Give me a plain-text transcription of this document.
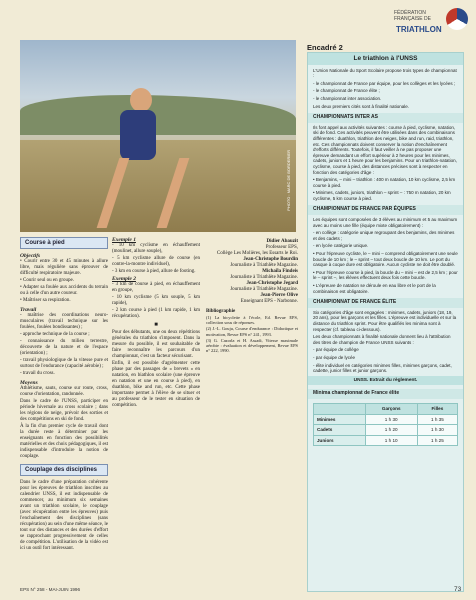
FÉDÉRATION FRANÇAISE DE
TRIATHLON
PHOTO : MARC DE BORDERIER
Course à pied
Objectifs

• Courir entre 30 et 45 minutes à allure libre, mais régulière sans éprouver de difficulté respiratoire majeure.

• Courir seul ou en groupe.

• Adapter sa foulée aux accidents du terrain ou à celle d'un autre coureur.

• Maîtriser sa respiration.

Travail

- maîtrise des coordinations neuro-musculaires (travail technique sur les foulées, foulées bondissantes) ;

- approche technique de la course ;

- connaissance du milieu terrestre, découverte de la nature et de l'espace (orientation) ;

- travail physiologique de la vitesse pure et surtout de l'endurance (capacité aérobie) ;

- travail du cross.

Moyens

Athlétisme, sauts, course sur route, cross, course d'orientation, randonnée.

Dans le cadre de l'UNSS, participer en période hivernale au cross scolaire ; dans les régions de neige, prévoir des sorties et des compétitions en ski de fond.

À la fin d'un premier cycle de travail dont la durée reste à déterminer par les enseignants en fonction des possibilités matérielles et des choix pédagogiques, il est indispensable d'introduire la notion de couplage.

Couplage des disciplines

Dans le cadre d'une préparation cohérente pour les épreuves de triathlon inscrites au calendrier UNSS, il est indispensable de commencer, au minimum six semaines avant un triathlon scolaire, le couplage (avec récupération entre les épreuves) puis l'enchaînement des disciplines (sans récupération) au sein d'une même séance, le tout sur des distances et des durées d'effort se rapprochant progressivement de celles de compétition. L'utilisation de la vidéo est ici un outil fort intéressant.

Exemple 1

- 10 km cyclisme en échauffement (moulinet, allure souple),

- 5 km cyclisme allure de course (en contre-la-montre individuel),

- 3 km en course à pied, allure de footing.

Exemple 2

- 3 km de course à pied, en échauffement en groupe,

- 10 km cyclisme (5 km souple, 5 km rapide),

- 2 km course à pied (1 km rapide, 1 km récupération).

■

Pour des débutants, une ou deux répétitions générales du triathlon s'imposent. Dans la mesure du possible, il est souhaitable de faire reconnaître les parcours d'un championnat, c'est un facteur sécurisant.

Enfin, il est possible d'agrémenter cette phase par des passages de « brevets » en natation, en biathlon scolaire (une épreuve en natation et une en course à pied), en duathlon, bike and run, etc. Cette phase importante permet à l'élève de se situer et au professeur de le tester en situation de compétition.

Didier Abauzit
Professeur EPS,
Collège Les Molières, les Essarts le Roi.
Jean-Christophe Bourdin
Journaliste à Triathlète Magazine.
Michaïla Findeis
Journaliste à Triathlète Magazine.
Jean-Christophe Jegard
Journaliste à Triathlète Magazine.
Jean-Pierre Olive
Enseignant EPS - Narbonne.
Bibliographie

(1) La bicyclette à l'école, Ed. Revue EPS, collection sous de réponses.

(2) J.-L. Gouju, Course d'endurance : Didactique et motivation, Revue EPS n° 241, 1993.

(3) G. Cazorla et H. Assadi, Vitesse maximale aérobie : évaluation et développement, Revue EPS n° 222, 1990.

Encadré 2
Le triathlon à l'UNSS

L'Union Nationale du Sport Scolaire propose trois types de championnat :

- le championnat de France par équipe, pour les collèges et les lycées ;

- le championnat de France élite ;

- le championnat inter association.

Les deux premiers cités sont à finalité nationale.

CHAMPIONNATS INTER AS

Ils font appel aux activités suivantes : course à pied, cyclisme, natation, ski de fond. Ces activités peuvent être utilisées dans des combinaisons différentes : duathlon, triathlon des neiges, bike and run, raid, triathlon, etc. Ces championnats doivent conserver la notion d'enchaînement d'efforts différents. Toutefois, il faut veiller à ne pas proposer une épreuve demandant un effort supérieur à 2 heures pour les minimes, cadets, juniors et 1 heure pour les benjamins. Pour un triathlon-natation, cyclisme, course à pied, des distances précises sont à respecter en fonction des catégories d'âge :

• Benjamins, – mini – triathlon : 400 m natation, 10 km cyclisme, 2,5 km course à pied.

• Minimes, cadets, juniors, triathlon – sprint – : 750 m natation, 20 km cyclisme, 5 km course à pied.

CHAMPIONNAT DE FRANCE PAR ÉQUIPES

Les équipes sont composées de 3 élèves au minimum et 5 au maximum avec au moins une fille (équipe mixte obligatoirement) :

- en collège : catégorie unique regroupant des benjamins, des minimes et des cadets ;

- en lycée catégorie unique.

• Pour l'épreuve cycliste, le – mini – comprend obligatoirement une seule boucle de 10 km ; le – sprint – tout deux boucle de 10 km. Le port du casque à coque dure est obligatoire. Aucun cycliste ne doit être doublé.

• Pour l'épreuve course à pied, la boucle du – mini – est de 2,5 km ; pour le – sprint –, les élèves effectuent deux fois cette boucle.

• L'épreuve de natation se déroule en eau libre et le port de la combinaison est obligatoire.

CHAMPIONNAT DE FRANCE ÉLITE

Six catégories d'âge sont engagées : minimes, cadets, juniors (18, 19, 20 ans), pour les garçons et les filles. L'épreuve est individuelle et sur la distance du triathlon sprint. Pour être qualifiés les minima sont à respecter (cf. tableau ci-dessous).

Les deux championnats à finalité nationale donnent lieu à l'attribution des titres de champion de France UNSS suivants :

- par équipe de collège

- par équipe de lycée

- élite individuel en catégories minimes filles, minimes garçons, cadet, cadette, junior filles et junior garçons.

UNSS. Extrait du règlement.
Minima championnat de France élite
	Garçons	Filles
Minimes	1 h 30	1 h 35
Cadets	1 h 20	1 h 30
Juniors	1 h 10	1 h 25
EPS N° 258 - MAI-JUIN 1996	73
